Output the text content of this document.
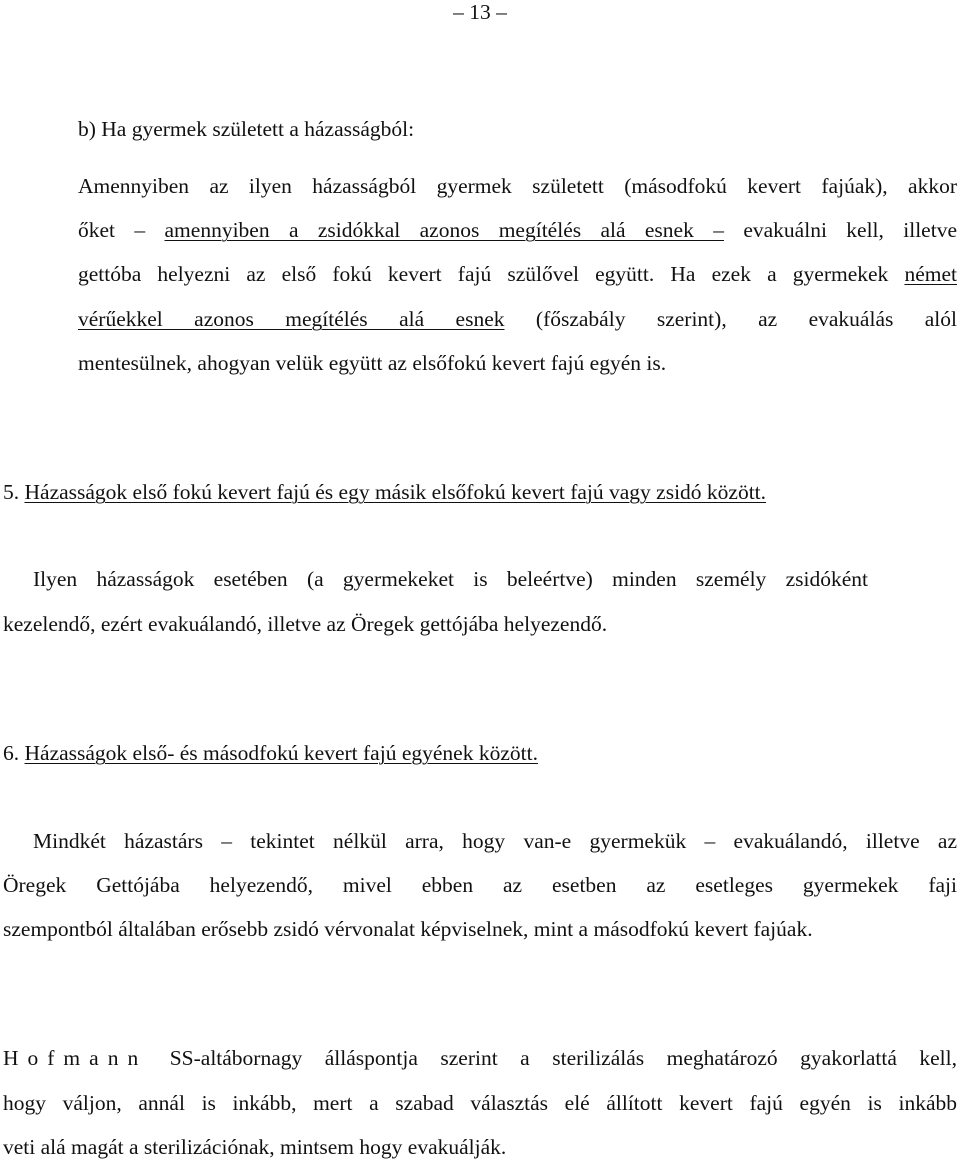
– 13 –
b) Ha gyermek született a házasságból:
Amennyiben az ilyen házasságból gyermek született (másodfokú kevert fajúak), akkor
őket – amennyiben a zsidókkal azonos megítélés alá esnek – evakuálni kell, illetve
gettóba helyezni az első fokú kevert fajú szülővel együtt. Ha ezek a gyermekek német
vérűekkel azonos megítélés alá esnek (főszabály szerint), az evakuálás alól
mentesülnek, ahogyan velük együtt az elsőfokú kevert fajú egyén is.
5. Házasságok első fokú kevert fajú és egy másik elsőfokú kevert fajú vagy zsidó között.
Ilyen házasságok esetében (a gyermekeket is beleértve) minden személy zsidóként
kezelendő, ezért evakuálandó, illetve az Öregek gettójába helyezendő.
6. Házasságok első- és másodfokú kevert fajú egyének között.
Mindkét házastárs – tekintet nélkül arra, hogy van-e gyermekük – evakuálandó, illetve az
Öregek Gettójába helyezendő, mivel ebben az esetben az esetleges gyermekek faji
szempontból általában erősebb zsidó vérvonalat képviselnek, mint a másodfokú kevert fajúak.
Hofmann SS-altábornagy álláspontja szerint a sterilizálás meghatározó gyakorlattá kell,
hogy váljon, annál is inkább, mert a szabad választás elé állított kevert fajú egyén is inkább
veti alá magát a sterilizációnak, mintsem hogy evakuálják.
